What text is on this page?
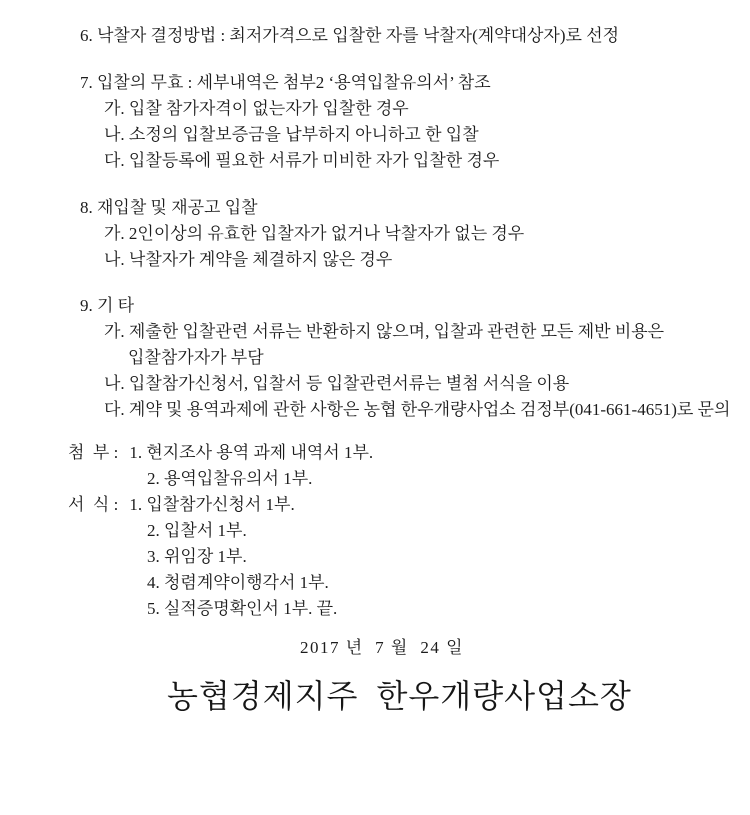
6. 낙찰자 결정방법 : 최저가격으로 입찰한 자를 낙찰자(계약대상자)로 선정
7. 입찰의 무효 : 세부내역은 첨부2 ‘용역입찰유의서’ 참조
가. 입찰 참가자격이 없는자가 입찰한 경우
나. 소정의 입찰보증금을 납부하지 아니하고 한 입찰
다. 입찰등록에 필요한 서류가 미비한 자가 입찰한 경우
8. 재입찰 및 재공고 입찰
가. 2인이상의 유효한 입찰자가 없거나 낙찰자가 없는 경우
나. 낙찰자가 계약을 체결하지 않은 경우
9. 기 타
가. 제출한 입찰관련 서류는 반환하지 않으며, 입찰과 관련한 모든 제반 비용은
입찰참가자가 부담
나. 입찰참가신청서, 입찰서 등 입찰관련서류는 별첨 서식을 이용
다. 계약 및 용역과제에 관한 사항은 농협 한우개량사업소 검정부(041-661-4651)로 문의
첨  부 : 1. 현지조사 용역 과제 내역서 1부.
2. 용역입찰유의서 1부.
서  식 : 1. 입찰참가신청서 1부.
2. 입찰서 1부.
3. 위임장 1부.
4. 청렴계약이행각서 1부.
5. 실적증명확인서 1부. 끝.
2017 년  7 월  24 일
농협경제지주  한우개량사업소장
